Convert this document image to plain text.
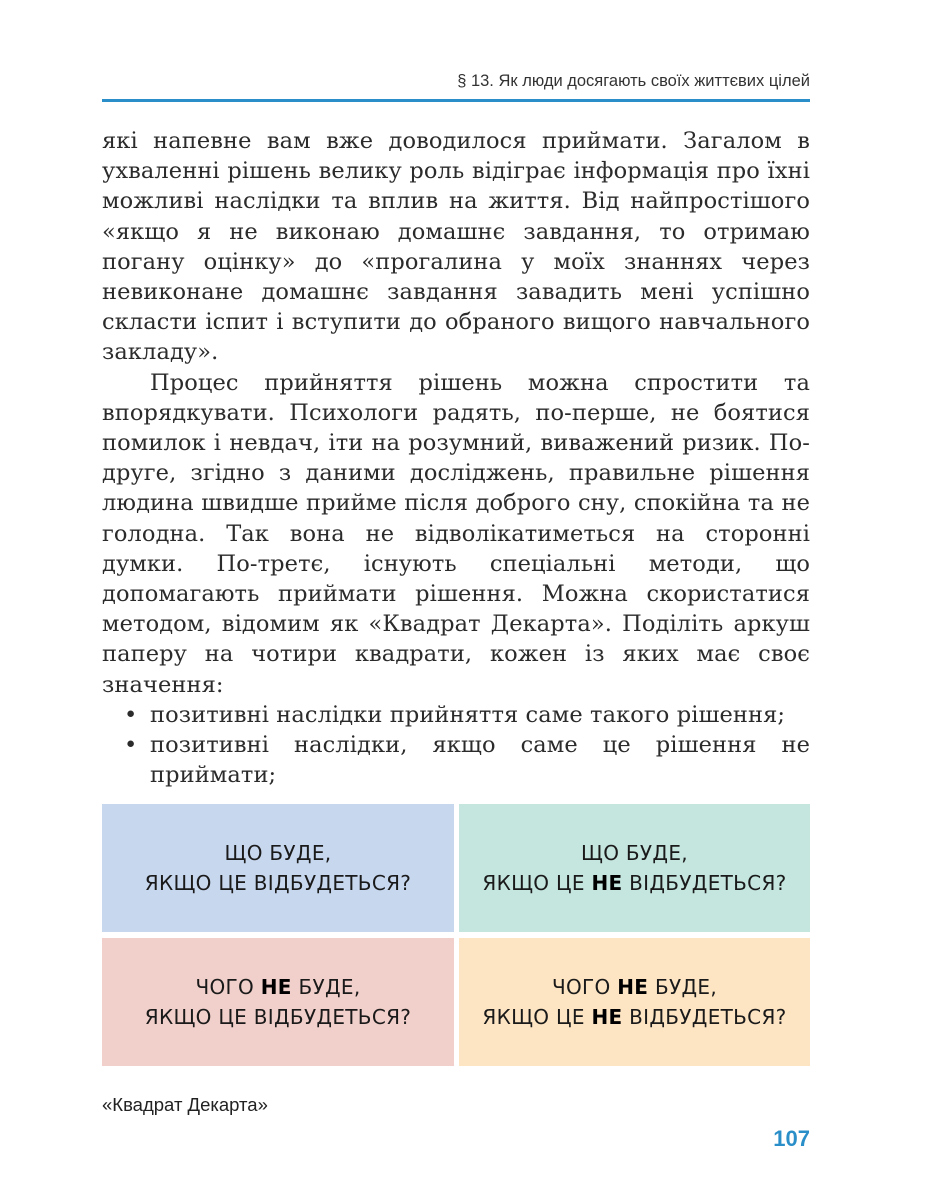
§ 13. Як люди досягають своїх життєвих цілей

які напевне вам вже доводилося приймати. Загалом в ухваленні рішень велику роль відіграє інформація про їхні можливі наслідки та вплив на життя. Від найпростішого «якщо я не виконаю домашнє завдання, то отримаю погану оцінку» до «прогалина у моїх знаннях через невиконане домашнє завдання завадить мені успішно скласти іспит і вступити до обраного вищого навчального закладу».

Процес прийняття рішень можна спростити та впорядкувати. Психологи радять, по-перше, не боятися помилок і невдач, іти на розумний, виважений ризик. По-друге, згідно з даними досліджень, правильне рішення людина швидше прийме після доброго сну, спокійна та не голодна. Так вона не відволікатиметься на сторонні думки. По-третє, існують спеціальні методи, що допомагають приймати рішення. Можна скористатися методом, відомим як «Квадрат Декарта». Поділіть аркуш паперу на чотири квадрати, кожен із яких має своє значення:

• позитивні наслідки прийняття саме такого рішення;
• позитивні наслідки, якщо саме це рішення не приймати;
ЩО БУДЕ,
ЯКЩО ЦЕ ВІДБУДЕТЬСЯ?
ЩО БУДЕ,
ЯКЩО ЦЕ НЕ ВІДБУДЕТЬСЯ?
ЧОГО НЕ БУДЕ,
ЯКЩО ЦЕ ВІДБУДЕТЬСЯ?
ЧОГО НЕ БУДЕ,
ЯКЩО ЦЕ НЕ ВІДБУДЕТЬСЯ?
«Квадрат Декарта»
107
